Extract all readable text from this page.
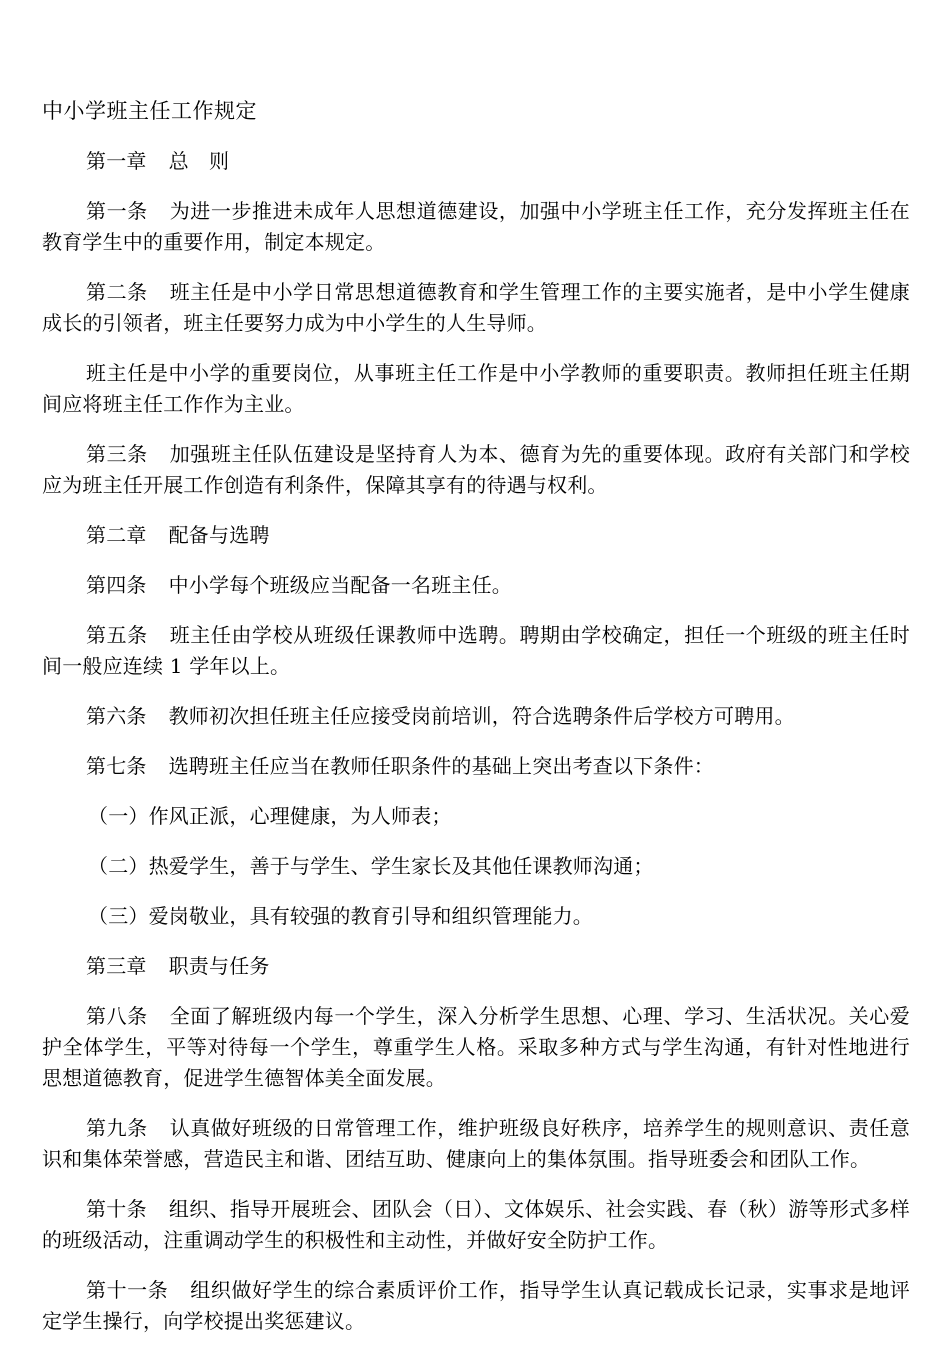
中小学班主任工作规定
第一章 总　则
第一条 为进一步推进未成年人思想道德建设，加强中小学班主任工作，充分发挥班主任在教育学生中的重要作用，制定本规定。
第二条 班主任是中小学日常思想道德教育和学生管理工作的主要实施者，是中小学生健康成长的引领者，班主任要努力成为中小学生的人生导师。
班主任是中小学的重要岗位，从事班主任工作是中小学教师的重要职责。教师担任班主任期间应将班主任工作作为主业。
第三条 加强班主任队伍建设是坚持育人为本、德育为先的重要体现。政府有关部门和学校应为班主任开展工作创造有利条件，保障其享有的待遇与权利。
第二章 配备与选聘
第四条 中小学每个班级应当配备一名班主任。
第五条 班主任由学校从班级任课教师中选聘。聘期由学校确定，担任一个班级的班主任时间一般应连续 1 学年以上。
第六条 教师初次担任班主任应接受岗前培训，符合选聘条件后学校方可聘用。
第七条 选聘班主任应当在教师任职条件的基础上突出考查以下条件：
（一）作风正派，心理健康，为人师表；
（二）热爱学生，善于与学生、学生家长及其他任课教师沟通；
（三）爱岗敬业，具有较强的教育引导和组织管理能力。
第三章 职责与任务
第八条 全面了解班级内每一个学生，深入分析学生思想、心理、学习、生活状况。关心爱护全体学生，平等对待每一个学生，尊重学生人格。采取多种方式与学生沟通，有针对性地进行思想道德教育，促进学生德智体美全面发展。
第九条 认真做好班级的日常管理工作，维护班级良好秩序，培养学生的规则意识、责任意识和集体荣誉感，营造民主和谐、团结互助、健康向上的集体氛围。指导班委会和团队工作。
第十条 组织、指导开展班会、团队会（日）、文体娱乐、社会实践、春（秋）游等形式多样的班级活动，注重调动学生的积极性和主动性，并做好安全防护工作。
第十一条 组织做好学生的综合素质评价工作，指导学生认真记载成长记录，实事求是地评定学生操行，向学校提出奖惩建议。
